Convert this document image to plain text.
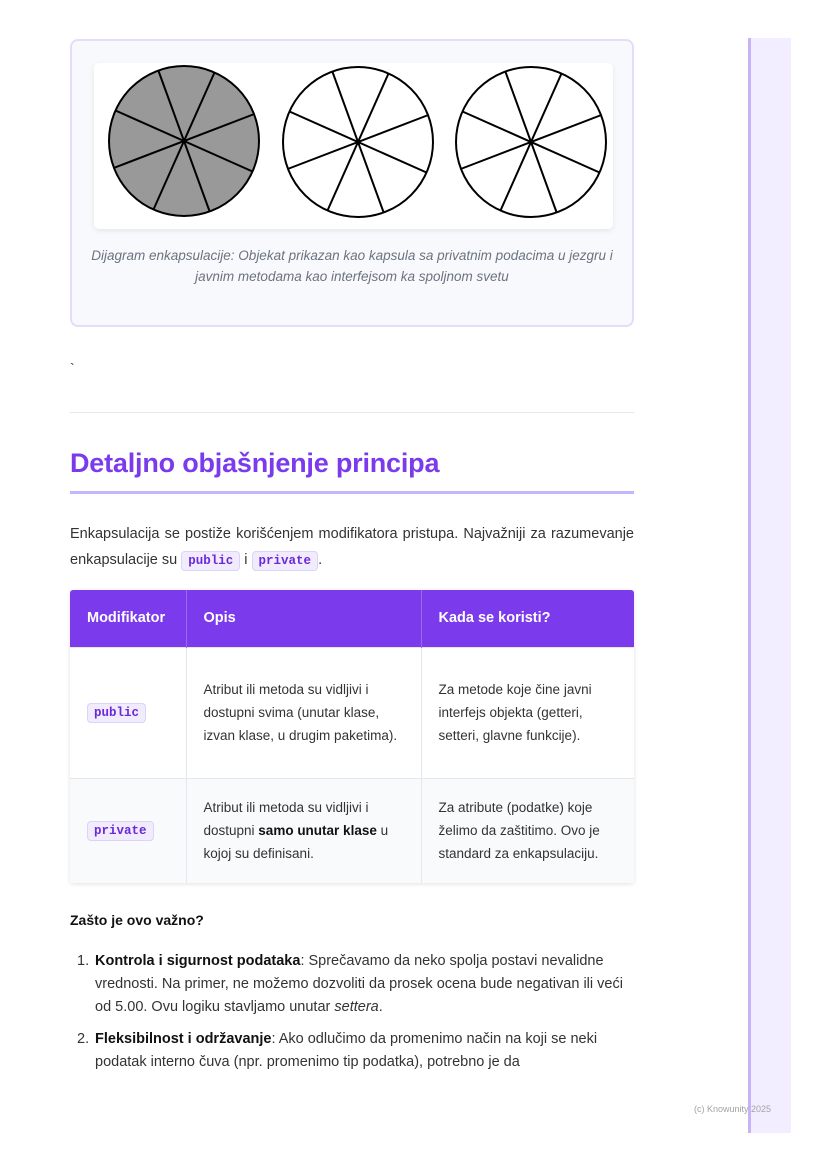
(c) Knowunity 2025
Dijagram enkapsulacije: Objekat prikazan kao kapsula sa privatnim podacima u jezgru i javnim metodama kao interfejsom ka spoljnom svetu
`
Detaljno objašnjenje principa

Enkapsulacija se postiže korišćenjem modifikatora pristupa. Najvažniji za razumevanje enkapsulacije su public i private .

Modifikator	Opis	Kada se koristi?
public	Atribut ili metoda su vidljivi i dostupni svima (unutar klase, izvan klase, u drugim paketima).	Za metode koje čine javni interfejs objekta (getteri, setteri, glavne funkcije).
private	Atribut ili metoda su vidljivi i dostupni samo unutar klase u kojoj su definisani.	Za atribute (podatke) koje želimo da zaštitimo. Ovo je standard za enkapsulaciju.
Zašto je ovo važno?
1. Kontrola i sigurnost podataka: Sprečavamo da neko spolja postavi nevalidne vrednosti. Na primer, ne možemo dozvoliti da prosek ocena bude negativan ili veći od 5.00. Ovu logiku stavljamo unutar settera.
2. Fleksibilnost i održavanje: Ako odlučimo da promenimo način na koji se neki podatak interno čuva (npr. promenimo tip podatka), potrebno je da
